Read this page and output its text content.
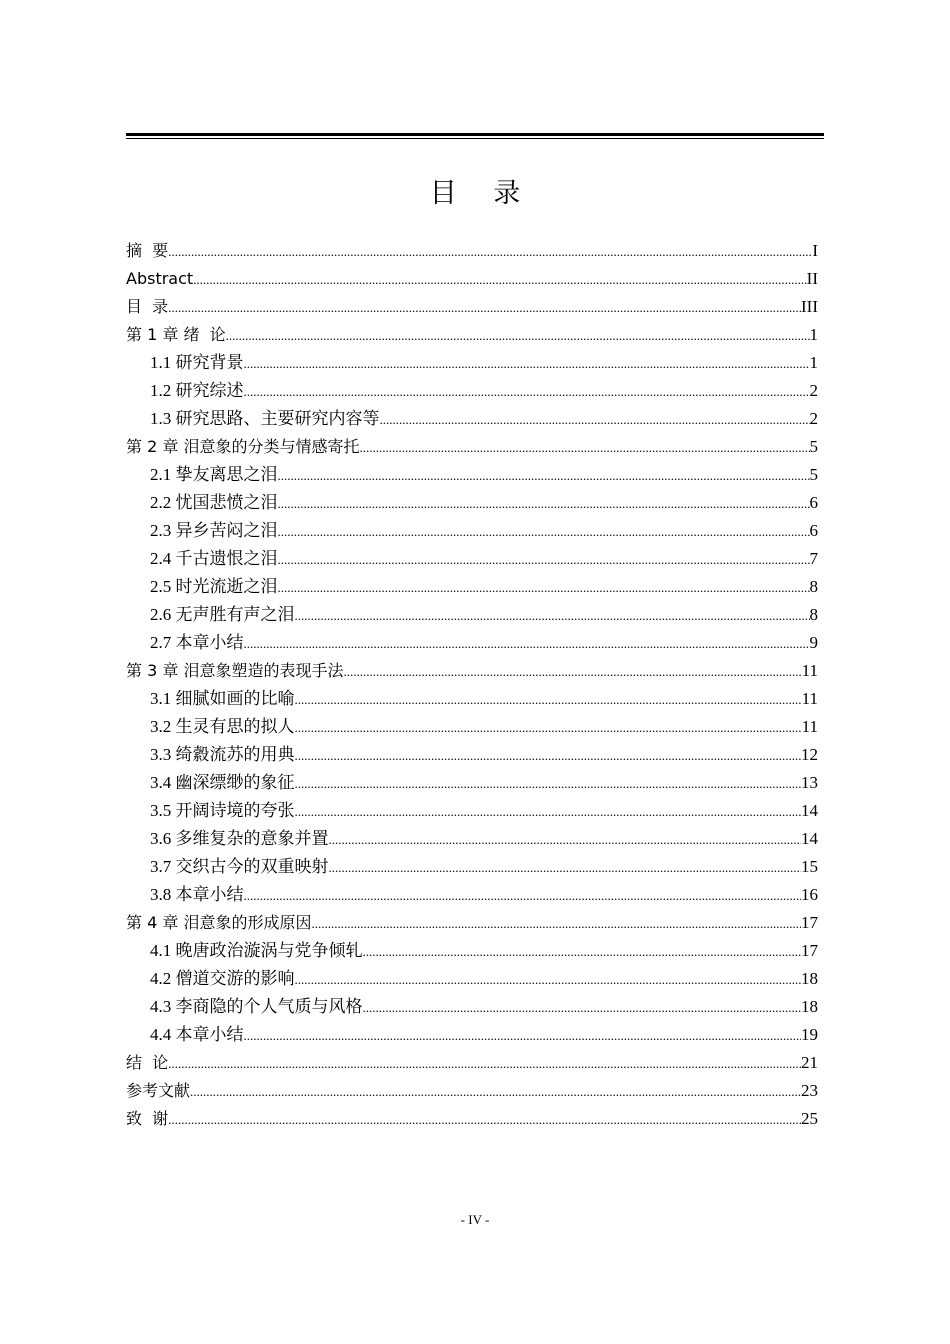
目 录
摘  要 .....	I
Abstract .....	II
目  录 .....	III
第 1 章 绪  论 .....	1
1.1 研究背景 .....	1
1.2 研究综述 .....	2
1.3 研究思路、主要研究内容等 .....	2
第 2 章 泪意象的分类与情感寄托 .....	5
2.1 挚友离思之泪 .....	5
2.2 忧国悲愤之泪 .....	6
2.3 异乡苦闷之泪 .....	6
2.4 千古遗恨之泪 .....	7
2.5 时光流逝之泪 .....	8
2.6 无声胜有声之泪 .....	8
2.7 本章小结 .....	9
第 3 章 泪意象塑造的表现手法 .....	11
3.1 细腻如画的比喻 .....	11
3.2 生灵有思的拟人 .....	11
3.3 绮縠流苏的用典 .....	12
3.4 幽深缥缈的象征 .....	13
3.5 开阔诗境的夸张 .....	14
3.6 多维复杂的意象并置 .....	14
3.7 交织古今的双重映射 .....	15
3.8 本章小结 .....	16
第 4 章 泪意象的形成原因 .....	17
4.1 晚唐政治漩涡与党争倾轧 .....	17
4.2 僧道交游的影响 .....	18
4.3 李商隐的个人气质与风格 .....	18
4.4 本章小结 .....	19
结  论 .....	21
参考文献 .....	23
致  谢 .....	25
- IV -
